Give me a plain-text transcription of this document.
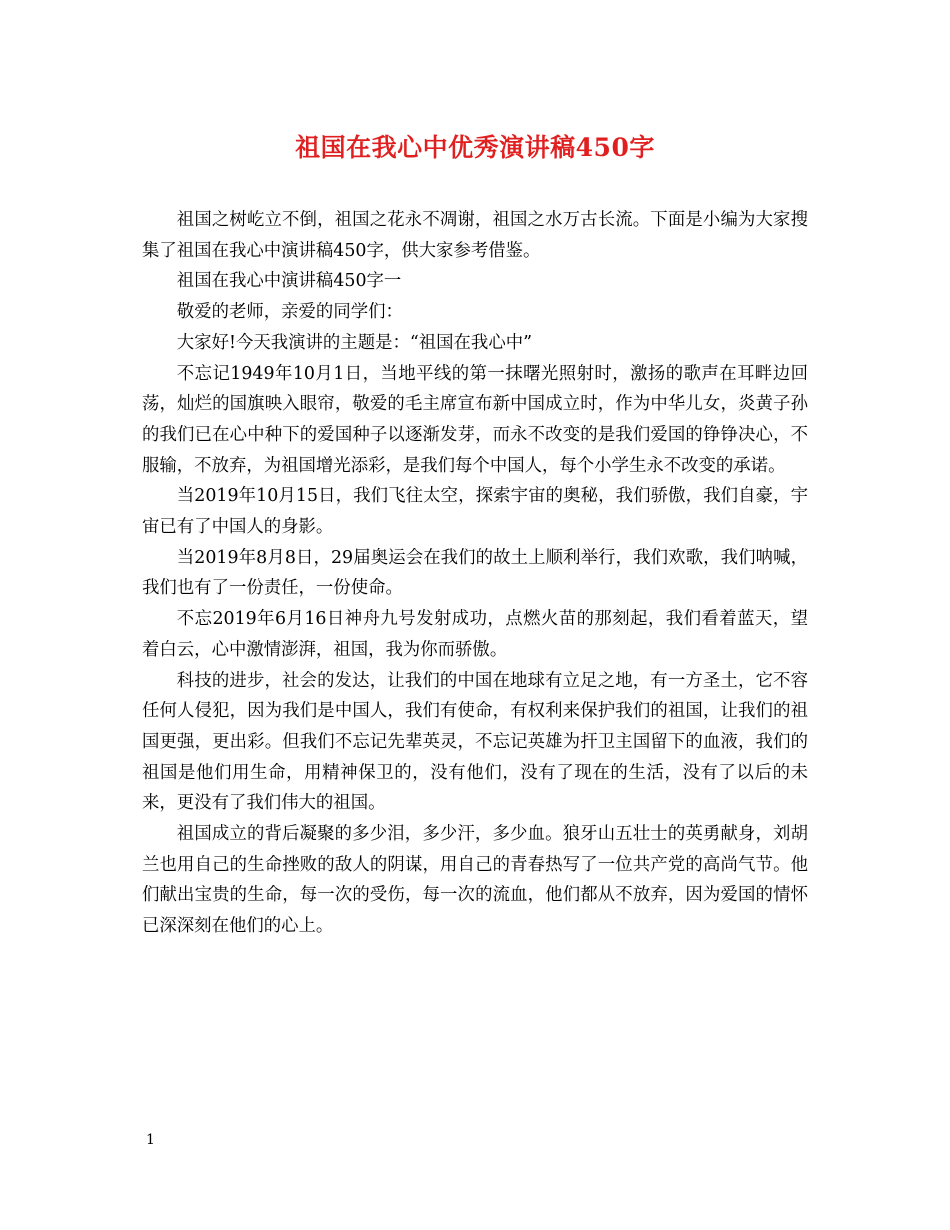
祖国在我心中优秀演讲稿450字

祖国之树屹立不倒，祖国之花永不凋谢，祖国之水万古长流。下面是小编为大家搜集了祖国在我心中演讲稿450字，供大家参考借鉴。

祖国在我心中演讲稿450字一

敬爱的老师，亲爱的同学们：

大家好!今天我演讲的主题是：“祖国在我心中”

不忘记1949年10月1日，当地平线的第一抹曙光照射时，激扬的歌声在耳畔边回荡，灿烂的国旗映入眼帘，敬爱的毛主席宣布新中国成立时，作为中华儿女，炎黄子孙的我们已在心中种下的爱国种子以逐渐发芽，而永不改变的是我们爱国的铮铮决心，不服输，不放弃，为祖国增光添彩，是我们每个中国人，每个小学生永不改变的承诺。

当2019年10月15日，我们飞往太空，探索宇宙的奥秘，我们骄傲，我们自豪，宇宙已有了中国人的身影。

当2019年8月8日，29届奥运会在我们的故土上顺利举行，我们欢歌，我们呐喊，我们也有了一份责任，一份使命。

不忘2019年6月16日神舟九号发射成功，点燃火苗的那刻起，我们看着蓝天，望着白云，心中激情澎湃，祖国，我为你而骄傲。

科技的进步，社会的发达，让我们的中国在地球有立足之地，有一方圣土，它不容任何人侵犯，因为我们是中国人，我们有使命，有权利来保护我们的祖国，让我们的祖国更强，更出彩。但我们不忘记先辈英灵，不忘记英雄为扞卫主国留下的血液，我们的祖国是他们用生命，用精神保卫的，没有他们，没有了现在的生活，没有了以后的未来，更没有了我们伟大的祖国。

祖国成立的背后凝聚的多少泪，多少汗，多少血。狼牙山五壮士的英勇献身，刘胡兰也用自己的生命挫败的敌人的阴谋，用自己的青春热写了一位共产党的高尚气节。他们献出宝贵的生命，每一次的受伤，每一次的流血，他们都从不放弃，因为爱国的情怀已深深刻在他们的心上。

1
